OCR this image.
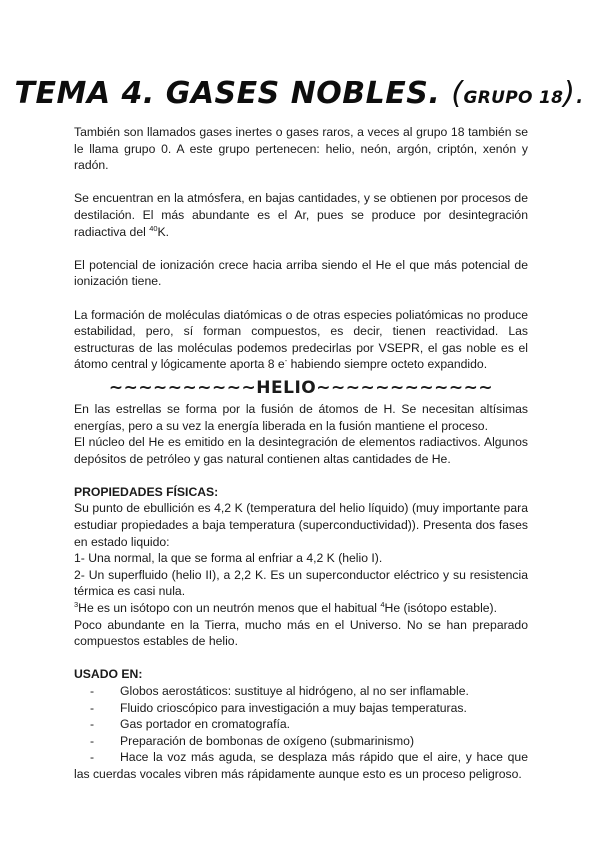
TEMA 4. GASES NOBLES. (GRUPO 18).

También son llamados gases inertes o gases raros, a veces al grupo 18 también se le llama grupo 0. A este grupo pertenecen: helio, neón, argón, criptón, xenón y radón.

Se encuentran en la atmósfera, en bajas cantidades, y se obtienen por procesos de destilación. El más abundante es el Ar, pues se produce por desintegración radiactiva del $^{40}$K.

El potencial de ionización crece hacia arriba siendo el He el que más potencial de ionización tiene.

La formación de moléculas diatómicas o de otras especies poliatómicas no produce estabilidad, pero, sí forman compuestos, es decir, tienen reactividad. Las estructuras de las moléculas podemos predecirlas por VSEPR, el gas noble es el átomo central y lógicamente aporta 8 e- habiendo siempre octeto expandido.

~~~~~~~~~~HELIO~~~~~~~~~~~~

En las estrellas se forma por la fusión de átomos de H. Se necesitan altísimas energías, pero a su vez la energía liberada en la fusión mantiene el proceso.

El núcleo del He es emitido en la desintegración de elementos radiactivos. Algunos depósitos de petróleo y gas natural contienen altas cantidades de He.

PROPIEDADES FÍSICAS:

Su punto de ebullición es 4,2 K (temperatura del helio líquido) (muy importante para estudiar propiedades a baja temperatura (superconductividad)). Presenta dos fases en estado liquido:

1- Una normal, la que se forma al enfriar a 4,2 K (helio I).

2- Un superfluido (helio II), a 2,2 K. Es un superconductor eléctrico y su resistencia térmica es casi nula.

$^3$He es un isótopo con un neutrón menos que el habitual $^4$He (isótopo estable).

Poco abundante en la Tierra, mucho más en el Universo. No se han preparado compuestos estables de helio.

USADO EN:

- Globos aerostáticos: sustituye al hidrógeno, al no ser inflamable.
- Fluido crioscópico para investigación a muy bajas temperaturas.
- Gas portador en cromatografía.
- Preparación de bombonas de oxígeno (submarinismo)

- Hace la voz más aguda, se desplaza más rápido que el aire, y hace que las cuerdas vocales vibren más rápidamente aunque esto es un proceso peligroso.
